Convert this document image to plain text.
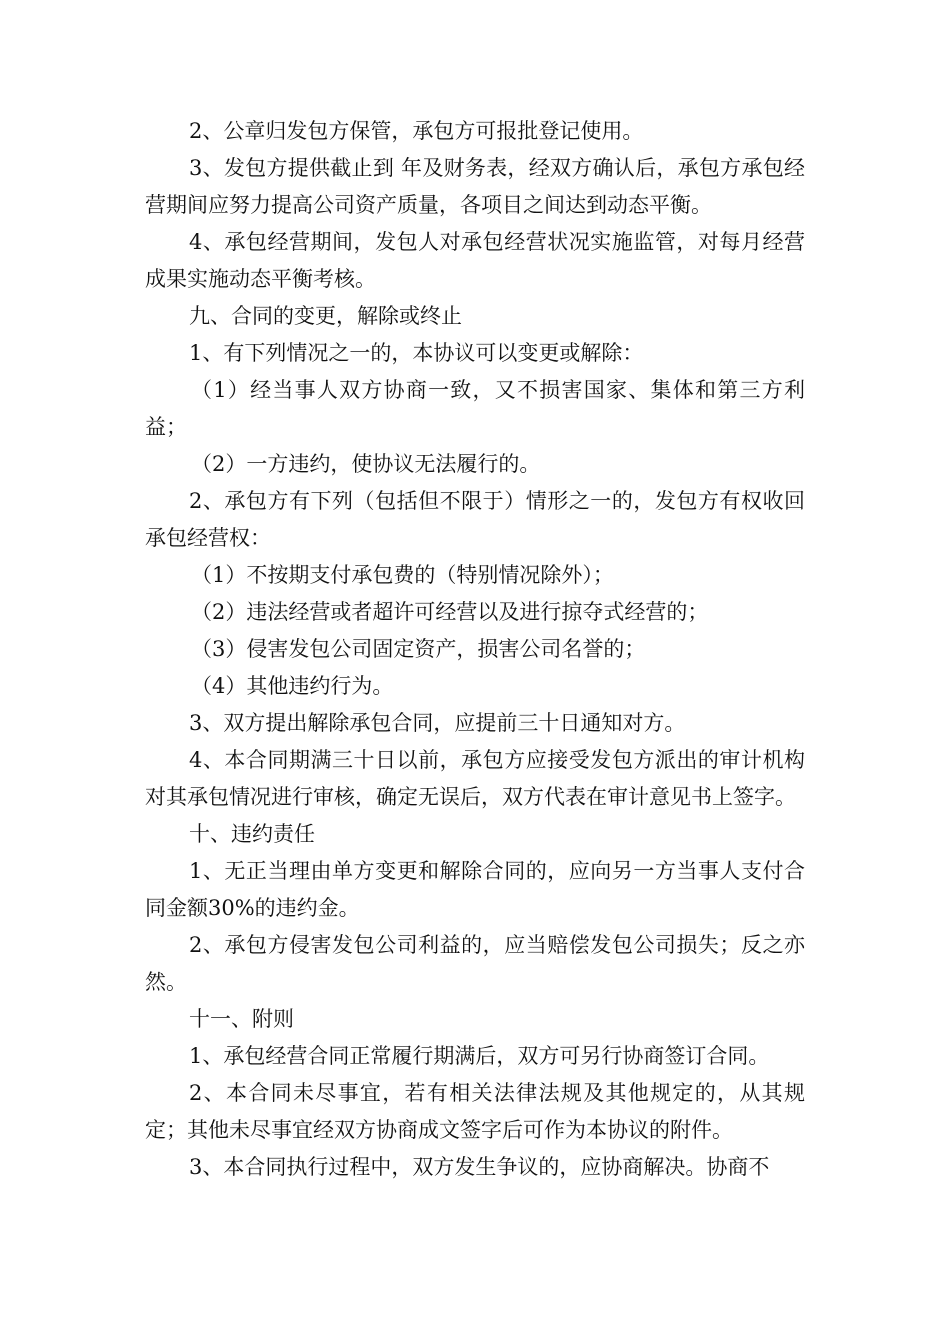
2、公章归发包方保管，承包方可报批登记使用。

3、发包方提供截止到 年及财务表，经双方确认后，承包方承包经营期间应努力提高公司资产质量，各项目之间达到动态平衡。

4、承包经营期间，发包人对承包经营状况实施监管，对每月经营成果实施动态平衡考核。

九、合同的变更，解除或终止

1、有下列情况之一的，本协议可以变更或解除：

（1）经当事人双方协商一致，又不损害国家、集体和第三方利益；

（2）一方违约，使协议无法履行的。

2、承包方有下列（包括但不限于）情形之一的，发包方有权收回承包经营权：

（1）不按期支付承包费的（特别情况除外）；

（2）违法经营或者超许可经营以及进行掠夺式经营的；

（3）侵害发包公司固定资产，损害公司名誉的；

（4）其他违约行为。

3、双方提出解除承包合同，应提前三十日通知对方。

4、本合同期满三十日以前，承包方应接受发包方派出的审计机构对其承包情况进行审核，确定无误后，双方代表在审计意见书上签字。

十、违约责任

1、无正当理由单方变更和解除合同的，应向另一方当事人支付合同金额30%的违约金。

2、承包方侵害发包公司利益的，应当赔偿发包公司损失；反之亦然。

十一、附则

1、承包经营合同正常履行期满后，双方可另行协商签订合同。

2、本合同未尽事宜，若有相关法律法规及其他规定的，从其规定；其他未尽事宜经双方协商成文签字后可作为本协议的附件。

3、本合同执行过程中，双方发生争议的，应协商解决。协商不
